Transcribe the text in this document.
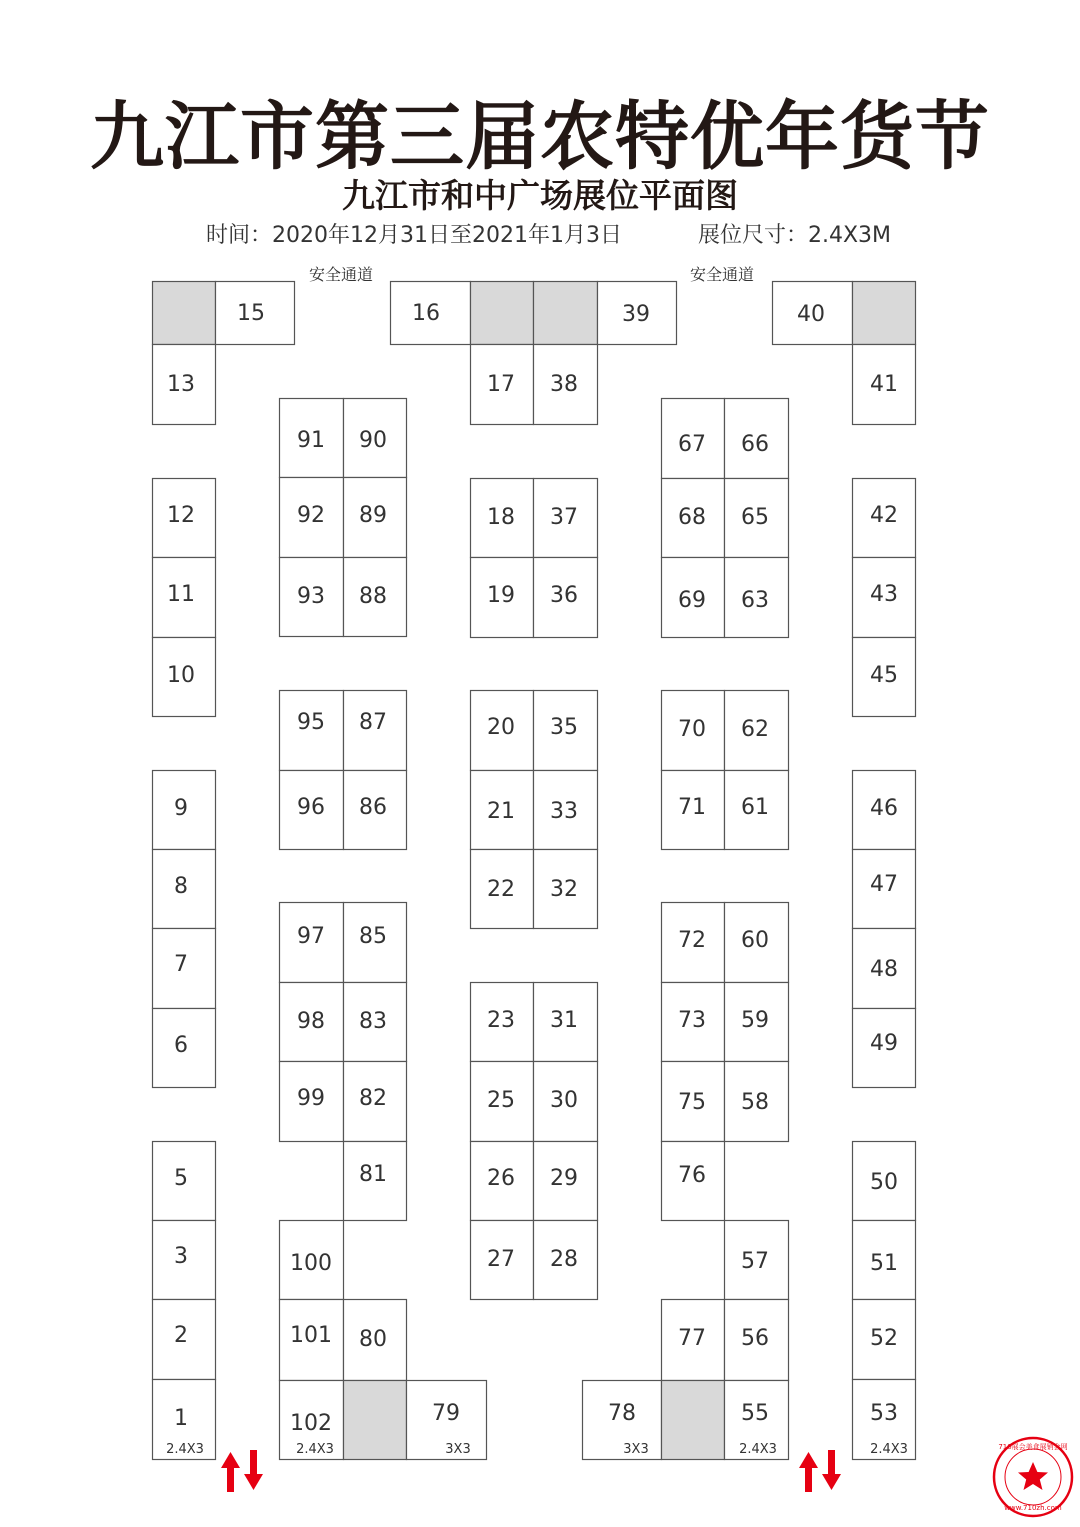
九江市第三届农特优年货节
九江市和中广场展位平面图
时间：2020年12月31日至2021年1月3日	展位尺寸：2.4X3M
安全通道	安全通道
15	16	39	40
13
12
11
10
9
8
7
6
5
3
2
1
41
42
43
45
46
47
48
49
50
51
52
53
91 90
92 89
93 88
95 87
96 86
97 85
98 83
99 82
81
100
101 80
102	79
17 38
18 37
19 36
20 35
21 33
22 32
23 31
25 30
26 29
27 28
67 66
68 65
69 63
70 62
71 61
72 60
73 59
75 58
76
57
77 56
78	55
2.4X3	2.4X3	3X3	3X3	2.4X3	2.4X3	710展会美食展销会网
www.710zh.com
